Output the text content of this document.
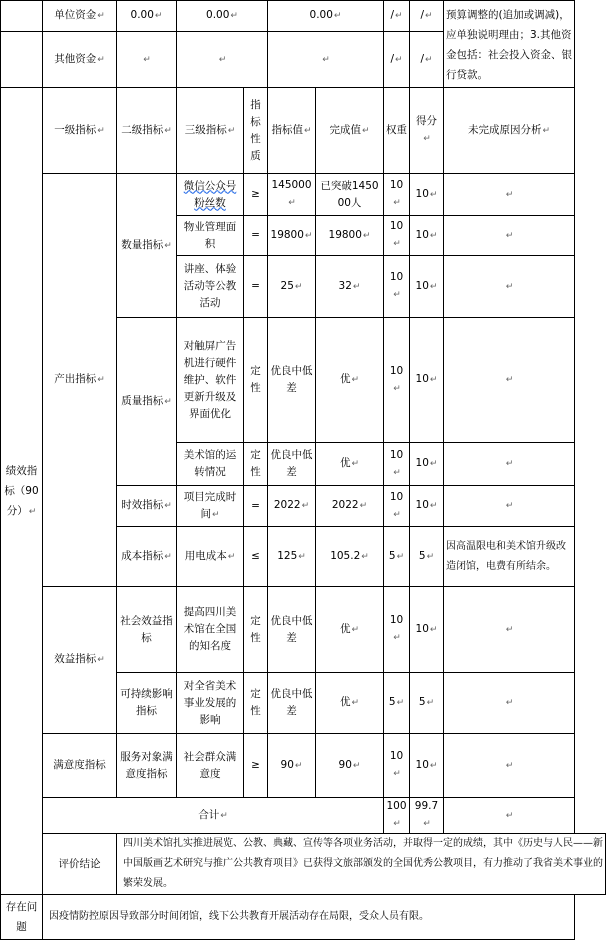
	单位资金↵	0.00↵	0.00↵		0.00↵		/↵	/↵	预算调整的(追加或调减)，应单独说明理由；3.其他资金包括：社会投入资金、银行贷款。
	其他资金↵	↵	↵		↵		/↵	/↵	
绩效指标（90分）↵	一级指标↵	二级指标↵	三级指标↵	指标性质	指标值↵	完成值↵	权重	得分↵	未完成原因分析↵
	产出指标↵	数量指标↵	微信公众号粉丝数	≥	145000↵	已突破145000人	10↵	10↵	↵
			物业管理面积	=	19800↵	19800↵	10↵	10↵	↵
			讲座、体验活动等公教活动	=	25↵	32↵	10↵	10↵	↵
		质量指标↵	对触屏广告机进行硬件维护、软件更新升级及界面优化	定性	优良中低差	优↵	10↵	10↵	↵
			美术馆的运转情况	定性	优良中低差	优↵	10↵	10↵	↵
		时效指标↵	项目完成时间↵	=	2022↵	2022↵	10↵	10↵	↵
		成本指标↵	用电成本↵	≤	125↵	105.2↵	5↵	5↵	因高温限电和美术馆升级改造闭馆，电费有所结余。
	效益指标↵	社会效益指标	提高四川美术馆在全国的知名度	定性	优良中低差	优↵	10↵	10↵	↵
		可持续影响指标	对全省美术事业发展的影响	定性	优良中低差	优↵	5↵	5↵	↵
	满意度指标	服务对象满意度指标	社会群众满意度	≥	90↵	90↵	10↵	10↵	↵
	合计↵						100↵	99.7↵	↵
	评价结论	四川美术馆扎实推进展览、公教、典藏、宣传等各项业务活动，并取得一定的成绩，其中《历史与人民——新中国版画艺术研究与推广公共教育项目》已获得文旅部颁发的全国优秀公教项目，有力推动了我省美术事业的繁荣发展。							
存在问题	因疫情防控原因导致部分时间闭馆，线下公共教育开展活动存在局限，受众人员有限。								
